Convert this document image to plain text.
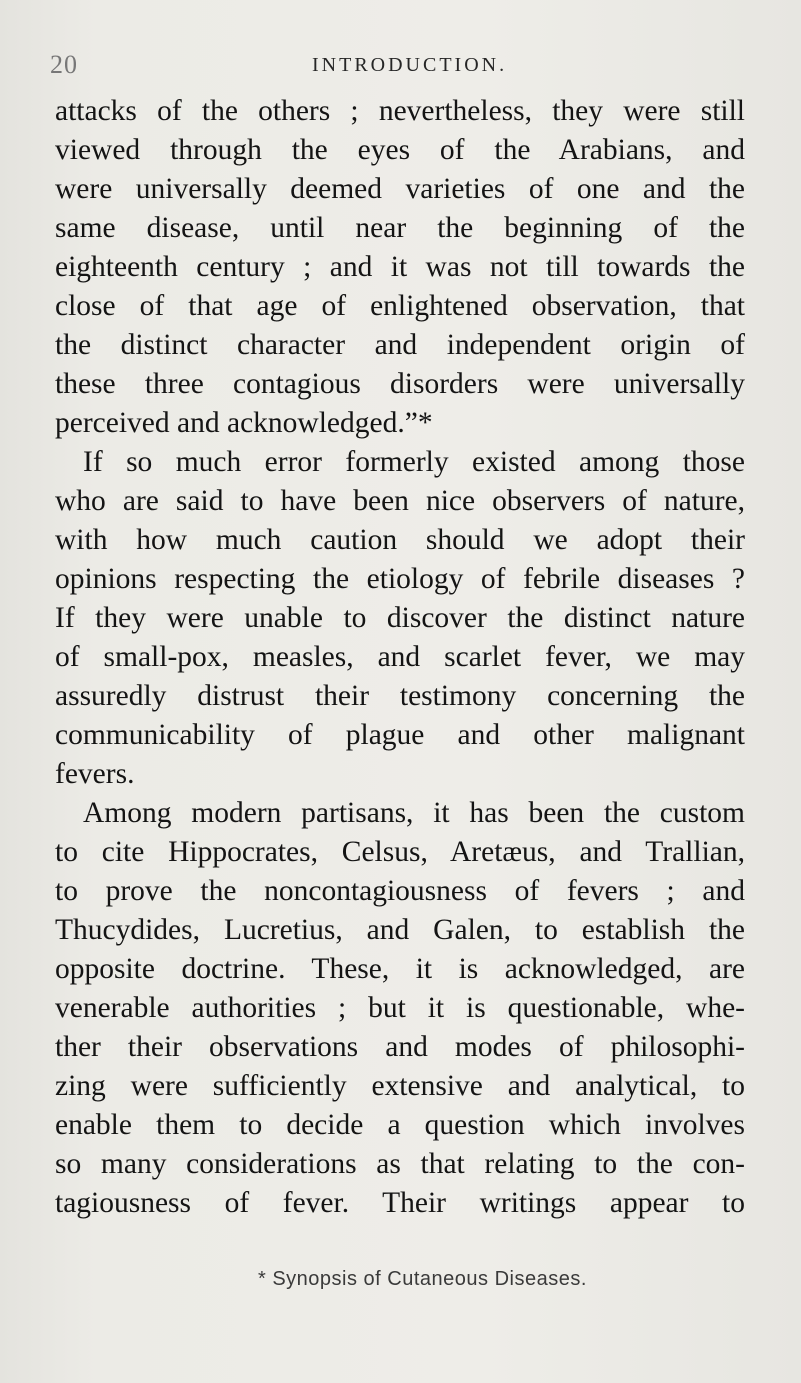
20	INTRODUCTION.
attacks of the others ; nevertheless, they were still
viewed through the eyes of the Arabians, and
were universally deemed varieties of one and the
same disease, until near the beginning of the
eighteenth century ; and it was not till towards the
close of that age of enlightened observation, that
the distinct character and independent origin of
these three contagious disorders were universally
perceived and acknowledged.”*
If so much error formerly existed among those
who are said to have been nice observers of nature,
with how much caution should we adopt their
opinions respecting the etiology of febrile diseases ?
If they were unable to discover the distinct nature
of small-pox, measles, and scarlet fever, we may
assuredly distrust their testimony concerning the
communicability of plague and other malignant
fevers.
Among modern partisans, it has been the custom
to cite Hippocrates, Celsus, Aretæus, and Trallian,
to prove the noncontagiousness of fevers ; and
Thucydides, Lucretius, and Galen, to establish the
opposite doctrine. These, it is acknowledged, are
venerable authorities ; but it is questionable, whe-
ther their observations and modes of philosophi-
zing were sufficiently extensive and analytical, to
enable them to decide a question which involves
so many considerations as that relating to the con-
tagiousness of fever. Their writings appear to
* Synopsis of Cutaneous Diseases.
